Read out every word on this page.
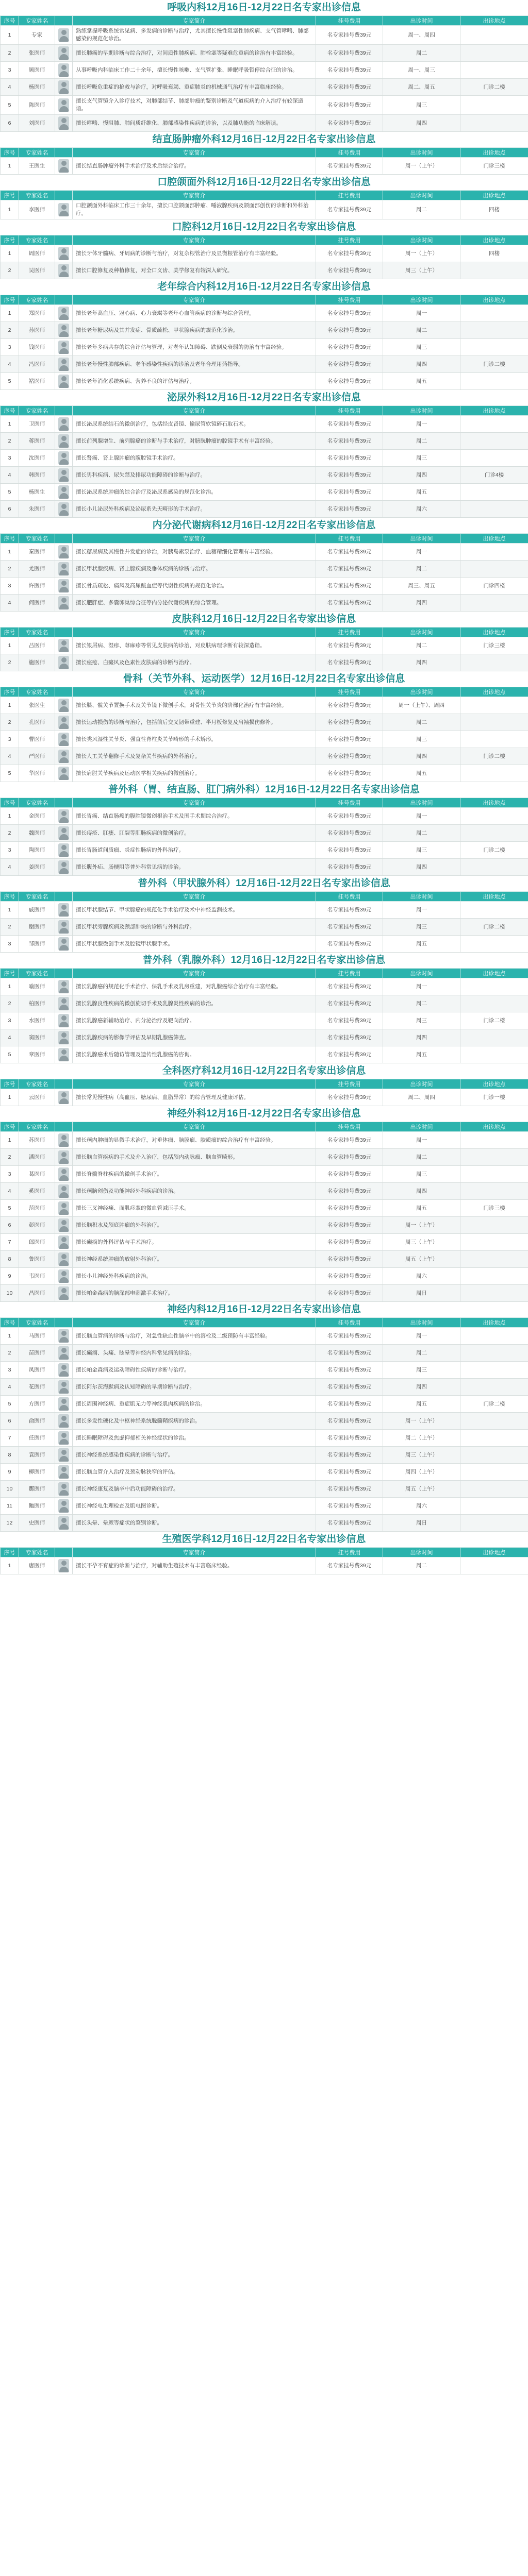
呼吸内科12月16日-12月22日名专家出诊信息
序号	专家姓名		专家简介	挂号费用	出诊时间	出诊地点
1	专家		熟练掌握呼吸系统常见病、多发病的诊断与治疗，尤其擅长慢性阻塞性肺疾病、支气管哮喘、肺部感染的规范化诊治。	名专家挂号费39元	周一、周四	
2	张医师		擅长肺癌的早期诊断与综合治疗，对间质性肺疾病、肺栓塞等疑难危重病的诊治有丰富经验。	名专家挂号费39元	周二	
3	顾医师		从事呼吸内科临床工作二十余年，擅长慢性咳嗽、支气管扩张、睡眠呼吸暂停综合征的诊治。	名专家挂号费39元	周一、周三	
4	杨医师		擅长呼吸危重症的抢救与治疗，对呼吸衰竭、重症肺炎的机械通气治疗有丰富临床经验。	名专家挂号费39元	周二、周五	门诊二楼
5	陈医师		擅长支气管镜介入诊疗技术，对肺部结节、肺部肿瘤的鉴别诊断及气道疾病的介入治疗有较深造诣。	名专家挂号费39元	周三	
6	刘医师		擅长哮喘、慢阻肺、肺间质纤维化、肺部感染性疾病的诊治，以及肺功能的临床解读。	名专家挂号费39元	周四	
结直肠肿瘤外科12月16日-12月22日名专家出诊信息
序号	专家姓名		专家简介	挂号费用	出诊时间	出诊地点
1	王医生		擅长结直肠肿瘤外科手术治疗及术后综合治疗。	名专家挂号费39元	周一（上午）	门诊三楼
口腔颌面外科12月16日-12月22日名专家出诊信息
序号	专家姓名		专家简介	挂号费用	出诊时间	出诊地点
1	李医师		口腔颌面外科临床工作三十余年，擅长口腔颌面部肿瘤、唾液腺疾病及颌面部创伤的诊断和外科治疗。	名专家挂号费39元	周二	四楼
口腔科12月16日-12月22日名专家出诊信息
序号	专家姓名		专家简介	挂号费用	出诊时间	出诊地点
1	周医师		擅长牙体牙髓病、牙周病的诊断与治疗，对复杂根管治疗及显微根管治疗有丰富经验。	名专家挂号费39元	周一（上午）	四楼
2	吴医师		擅长口腔修复及种植修复，对全口义齿、美学修复有较深入研究。	名专家挂号费39元	周三（上午）	
老年综合内科12月16日-12月22日名专家出诊信息
序号	专家姓名		专家简介	挂号费用	出诊时间	出诊地点
1	郑医师		擅长老年高血压、冠心病、心力衰竭等老年心血管疾病的诊断与综合管理。	名专家挂号费39元	周一	
2	孙医师		擅长老年糖尿病及其并发症、骨质疏松、甲状腺疾病的规范化诊治。	名专家挂号费39元	周二	
3	钱医师		擅长老年多病共存的综合评估与管理，对老年认知障碍、跌倒及衰弱的防治有丰富经验。	名专家挂号费39元	周三	
4	冯医师		擅长老年慢性肺部疾病、老年感染性疾病的诊治及老年合理用药指导。	名专家挂号费39元	周四	门诊二楼
5	褚医师		擅长老年消化系统疾病、营养不良的评估与治疗。	名专家挂号费39元	周五	
泌尿外科12月16日-12月22日名专家出诊信息
序号	专家姓名		专家简介	挂号费用	出诊时间	出诊地点
1	卫医师		擅长泌尿系统结石的微创治疗，包括经皮肾镜、输尿管软镜碎石取石术。	名专家挂号费39元	周一	
2	蒋医师		擅长前列腺增生、前列腺癌的诊断与手术治疗，对膀胱肿瘤的腔镜手术有丰富经验。	名专家挂号费39元	周二	
3	沈医师		擅长肾癌、肾上腺肿瘤的腹腔镜手术治疗。	名专家挂号费39元	周三	
4	韩医师		擅长男科疾病、尿失禁及排尿功能障碍的诊断与治疗。	名专家挂号费39元	周四	门诊4楼
5	杨医生		擅长泌尿系统肿瘤的综合治疗及泌尿系感染的规范化诊治。	名专家挂号费39元	周五	
6	朱医师		擅长小儿泌尿外科疾病及泌尿系先天畸形的手术治疗。	名专家挂号费39元	周六	
内分泌代谢病科12月16日-12月22日名专家出诊信息
序号	专家姓名		专家简介	挂号费用	出诊时间	出诊地点
1	秦医师		擅长糖尿病及其慢性并发症的诊治，对胰岛素泵治疗、血糖精细化管理有丰富经验。	名专家挂号费39元	周一	
2	尤医师		擅长甲状腺疾病、肾上腺疾病及垂体疾病的诊断与治疗。	名专家挂号费39元	周二	
3	许医师		擅长骨质疏松、痛风及高尿酸血症等代谢性疾病的规范化诊治。	名专家挂号费39元	周三、周五	门诊四楼
4	何医师		擅长肥胖症、多囊卵巢综合征等内分泌代谢疾病的综合管理。	名专家挂号费39元	周四	
皮肤科12月16日-12月22日名专家出诊信息
序号	专家姓名		专家简介	挂号费用	出诊时间	出诊地点
1	吕医师		擅长银屑病、湿疹、荨麻疹等常见皮肤病的诊治，对皮肤病理诊断有较深造诣。	名专家挂号费39元	周二	门诊三楼
2	施医师		擅长痤疮、白癜风及色素性皮肤病的诊断与治疗。	名专家挂号费39元	周四	
骨科（关节外科、运动医学）12月16日-12月22日名专家出诊信息
序号	专家姓名		专家简介	挂号费用	出诊时间	出诊地点
1	张医生		擅长膝、髋关节置换手术及关节镜下微创手术，对骨性关节炎的阶梯化治疗有丰富经验。	名专家挂号费39元	周一（上午）、周四	
2	孔医师		擅长运动损伤的诊断与治疗，包括前后交叉韧带重建、半月板修复及肩袖损伤修补。	名专家挂号费39元	周二	
3	曹医师		擅长类风湿性关节炎、强直性脊柱炎关节畸形的手术矫形。	名专家挂号费39元	周三	
4	严医师		擅长人工关节翻修手术及复杂关节疾病的外科治疗。	名专家挂号费39元	周四	门诊二楼
5	华医师		擅长肩肘关节疾病及运动医学相关疾病的微创治疗。	名专家挂号费39元	周五	
普外科（胃、结直肠、肛门病外科）12月16日-12月22日名专家出诊信息
序号	专家姓名		专家简介	挂号费用	出诊时间	出诊地点
1	金医师		擅长胃癌、结直肠癌的腹腔镜微创根治手术及围手术期综合治疗。	名专家挂号费39元	周一	
2	魏医师		擅长痔疮、肛瘘、肛裂等肛肠疾病的微创治疗。	名专家挂号费39元	周二	
3	陶医师		擅长胃肠道间质瘤、炎症性肠病的外科治疗。	名专家挂号费39元	周三	门诊二楼
4	姜医师		擅长腹外疝、肠梗阻等普外科常见病的诊治。	名专家挂号费39元	周四	
普外科（甲状腺外科）12月16日-12月22日名专家出诊信息
序号	专家姓名		专家简介	挂号费用	出诊时间	出诊地点
1	戚医师		擅长甲状腺结节、甲状腺癌的规范化手术治疗及术中神经监测技术。	名专家挂号费39元	周一	
2	谢医师		擅长甲状旁腺疾病及颈部肿块的诊断与外科治疗。	名专家挂号费39元	周三	门诊二楼
3	邹医师		擅长甲状腺微创手术及腔镜甲状腺手术。	名专家挂号费39元	周五	
普外科（乳腺外科）12月16日-12月22日名专家出诊信息
序号	专家姓名		专家简介	挂号费用	出诊时间	出诊地点
1	喻医师		擅长乳腺癌的规范化手术治疗、保乳手术及乳房重建，对乳腺癌综合治疗有丰富经验。	名专家挂号费39元	周一	
2	柏医师		擅长乳腺良性疾病的微创旋切手术及乳腺炎性疾病的诊治。	名专家挂号费39元	周二	
3	水医师		擅长乳腺癌新辅助治疗、内分泌治疗及靶向治疗。	名专家挂号费39元	周三	门诊二楼
4	窦医师		擅长乳腺疾病的影像学评估及早期乳腺癌筛查。	名专家挂号费39元	周四	
5	章医师		擅长乳腺癌术后随访管理及遗传性乳腺癌的咨询。	名专家挂号费39元	周五	
全科医疗科12月16日-12月22日名专家出诊信息
序号	专家姓名		专家简介	挂号费用	出诊时间	出诊地点
1	云医师		擅长常见慢性病（高血压、糖尿病、血脂异常）的综合管理及健康评估。	名专家挂号费39元	周二、周四	门诊一楼
神经外科12月16日-12月22日名专家出诊信息
序号	专家姓名		专家简介	挂号费用	出诊时间	出诊地点
1	苏医师		擅长颅内肿瘤的显微手术治疗，对垂体瘤、脑膜瘤、胶质瘤的综合治疗有丰富经验。	名专家挂号费39元	周一	
2	潘医师		擅长脑血管疾病的手术及介入治疗，包括颅内动脉瘤、脑血管畸形。	名专家挂号费39元	周二	
3	葛医师		擅长脊髓脊柱疾病的微创手术治疗。	名专家挂号费39元	周三	
4	奚医师		擅长颅脑创伤及功能神经外科疾病的诊治。	名专家挂号费39元	周四	
5	范医师		擅长三叉神经痛、面肌痉挛的微血管减压手术。	名专家挂号费39元	周五	门诊三楼
6	彭医师		擅长脑积水及颅底肿瘤的外科治疗。	名专家挂号费39元	周一（上午）	
7	郎医师		擅长癫痫的外科评估与手术治疗。	名专家挂号费39元	周三（上午）	
8	鲁医师		擅长神经系统肿瘤的放射外科治疗。	名专家挂号费39元	周五（上午）	
9	韦医师		擅长小儿神经外科疾病的诊治。	名专家挂号费39元	周六	
10	昌医师		擅长帕金森病的脑深部电刺激手术治疗。	名专家挂号费39元	周日	
神经内科12月16日-12月22日名专家出诊信息
序号	专家姓名		专家简介	挂号费用	出诊时间	出诊地点
1	马医师		擅长脑血管病的诊断与治疗，对急性缺血性脑卒中的溶栓及二级预防有丰富经验。	名专家挂号费39元	周一	
2	苗医师		擅长癫痫、头痛、眩晕等神经内科常见病的诊治。	名专家挂号费39元	周二	
3	凤医师		擅长帕金森病及运动障碍性疾病的诊断与治疗。	名专家挂号费39元	周三	
4	花医师		擅长阿尔茨海默病及认知障碍的早期诊断与治疗。	名专家挂号费39元	周四	
5	方医师		擅长周围神经病、重症肌无力等神经肌肉疾病的诊治。	名专家挂号费39元	周五	门诊二楼
6	俞医师		擅长多发性硬化及中枢神经系统脱髓鞘疾病的诊治。	名专家挂号费39元	周一（上午）	
7	任医师		擅长睡眠障碍及焦虑抑郁相关神经症状的诊治。	名专家挂号费39元	周二（上午）	
8	袁医师		擅长神经系统感染性疾病的诊断与治疗。	名专家挂号费39元	周三（上午）	
9	柳医师		擅长脑血管介入治疗及颈动脉狭窄的评估。	名专家挂号费39元	周四（上午）	
10	酆医师		擅长神经康复及脑卒中后功能障碍的治疗。	名专家挂号费39元	周五（上午）	
11	鲍医师		擅长神经电生理检查及肌电图诊断。	名专家挂号费39元	周六	
12	史医师		擅长头晕、晕厥等症状的鉴别诊断。	名专家挂号费39元	周日	
生殖医学科12月16日-12月22日名专家出诊信息
序号	专家姓名		专家简介	挂号费用	出诊时间	出诊地点
1	唐医师		擅长不孕不育症的诊断与治疗，对辅助生殖技术有丰富临床经验。	名专家挂号费39元	周二	
